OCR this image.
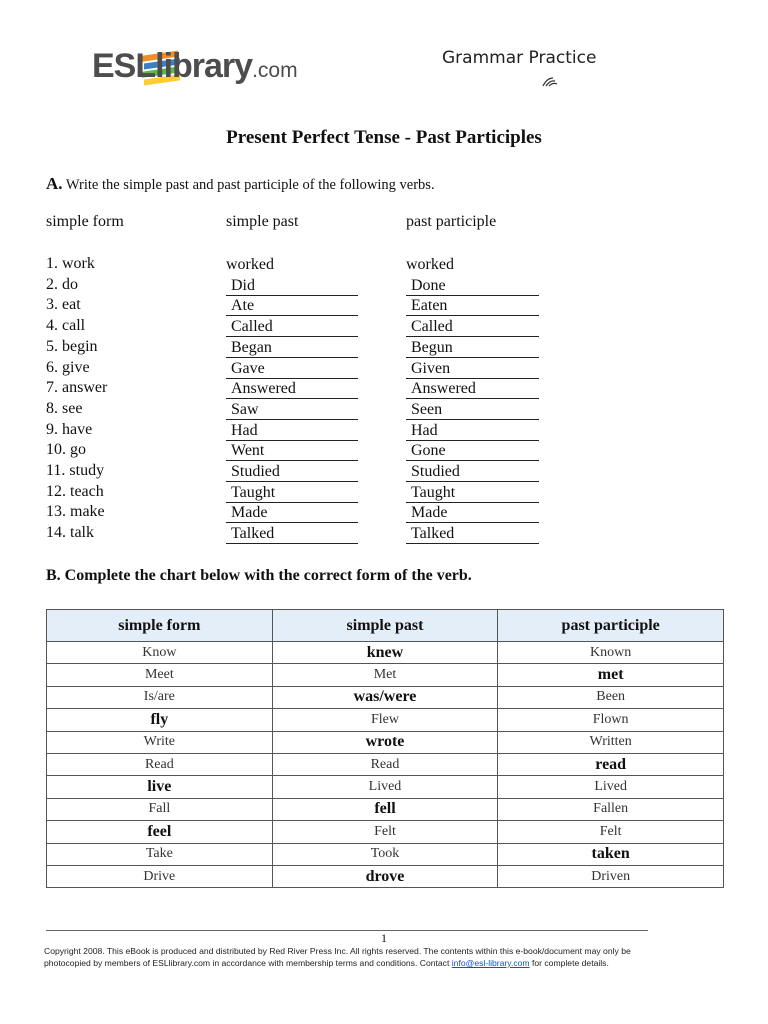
ESLlibrary.com
Grammar Practice
Present Perfect Tense - Past Participles
A. Write the simple past and past participle of the following verbs.
simple form	simple past	past participle
1. work	worked	worked
2. do	Did	Done
3. eat	Ate	Eaten
4. call	Called	Called
5. begin	Began	Begun
6. give	Gave	Given
7. answer	Answered	Answered
8. see	Saw	Seen
9. have	Had	Had
10. go	Went	Gone
11. study	Studied	Studied
12. teach	Taught	Taught
13. make	Made	Made
14. talk	Talked	Talked
B. Complete the chart below with the correct form of the verb.
simple form	simple past	past participle
Know	knew	Known
Meet	Met	met
Is/are	was/were	Been
fly	Flew	Flown
Write	wrote	Written
Read	Read	read
live	Lived	Lived
Fall	fell	Fallen
feel	Felt	Felt
Take	Took	taken
Drive	drove	Driven
1
Copyright 2008. This eBook is produced and distributed by Red River Press Inc. All rights reserved. The contents within this e-book/document may only be
photocopied by members of ESLlibrary.com in accordance with membership terms and conditions. Contact info@esl-library.com for complete details.
